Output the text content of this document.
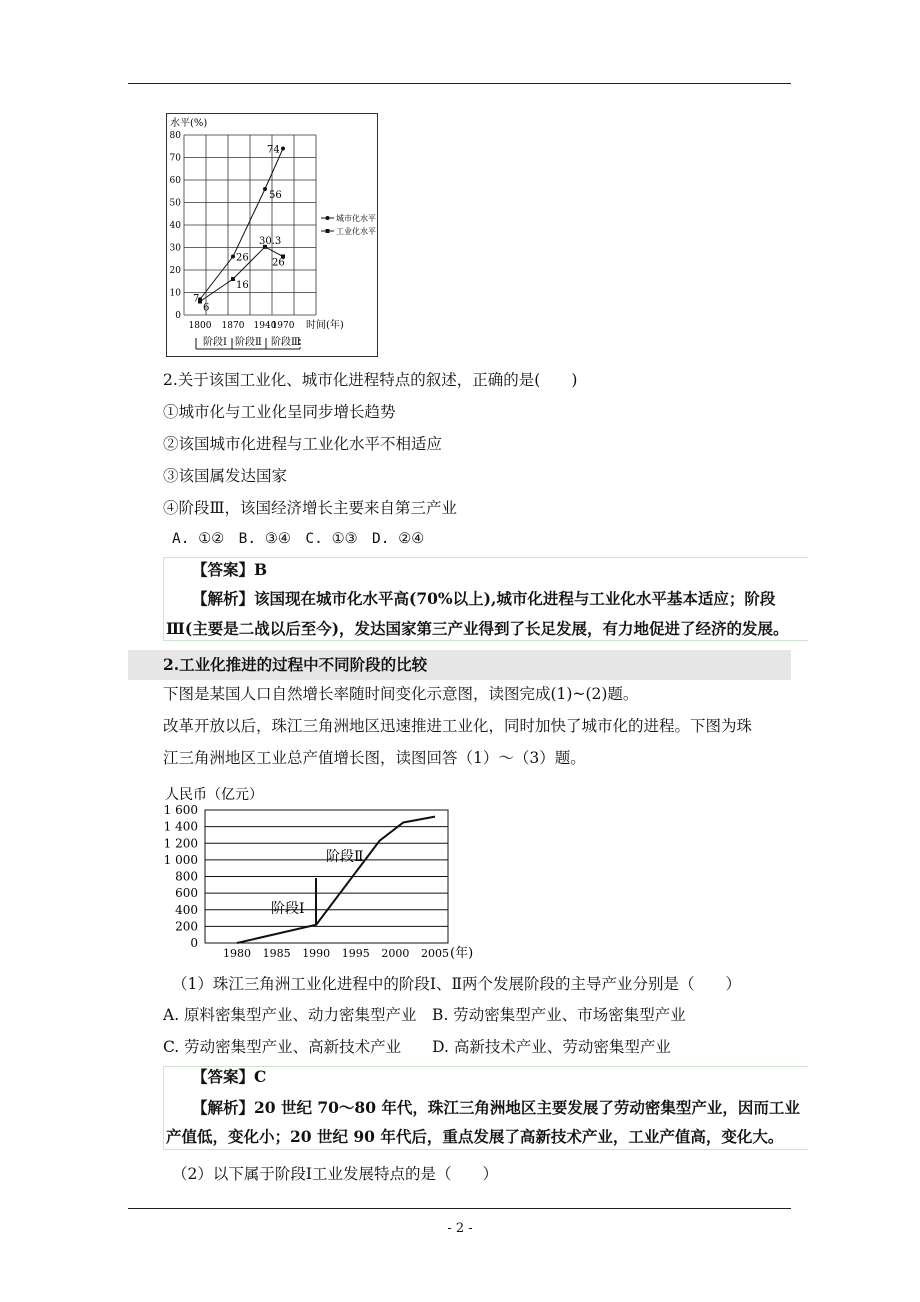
0
10
20
30
40
50
60
70
80
1800 1870 1940
1970
水平(%)
时间(年)
7
6
26
16
56
74
30.3
26
城市化水平
工业化水平
阶段Ⅰ 阶段Ⅱ 阶段Ⅲ
2.关于该国工业化、城市化进程特点的叙述，正确的是(　　)
①城市化与工业化呈同步增长趋势
②该国城市化进程与工业化水平不相适应
③该国属发达国家
④阶段Ⅲ，该国经济增长主要来自第三产业
A. ①②　B. ③④　C. ①③　D. ②④
【答案】B
【解析】该国现在城市化水平高(70%以上),城市化进程与工业化水平基本适应；阶段
Ⅲ(主要是二战以后至今)，发达国家第三产业得到了长足发展，有力地促进了经济的发展。
2.工业化推进的过程中不同阶段的比较
下图是某国人口自然增长率随时间变化示意图，读图完成(1)~(2)题。
改革开放以后，珠江三角洲地区迅速推进工业化，同时加快了城市化的进程。下图为珠
江三角洲地区工业总产值增长图，读图回答（1）～（3）题。
人民币（亿元）
0
200
400
600
800
1 000
1 200
1 400
1 600
1980 1985 1990 1995 2000 2005 (年)
阶段Ⅰ
阶段Ⅱ
（1）珠江三角洲工业化进程中的阶段Ⅰ、Ⅱ两个发展阶段的主导产业分别是（　　）
A. 原料密集型产业、动力密集型产业　B. 劳动密集型产业、市场密集型产业
C. 劳动密集型产业、高新技术产业　　D. 高新技术产业、劳动密集型产业
【答案】C
【解析】20 世纪 70～80 年代，珠江三角洲地区主要发展了劳动密集型产业，因而工业
产值低，变化小；20 世纪 90 年代后，重点发展了高新技术产业，工业产值高，变化大。
（2）以下属于阶段Ⅰ工业发展特点的是（　　）
- 2 -
